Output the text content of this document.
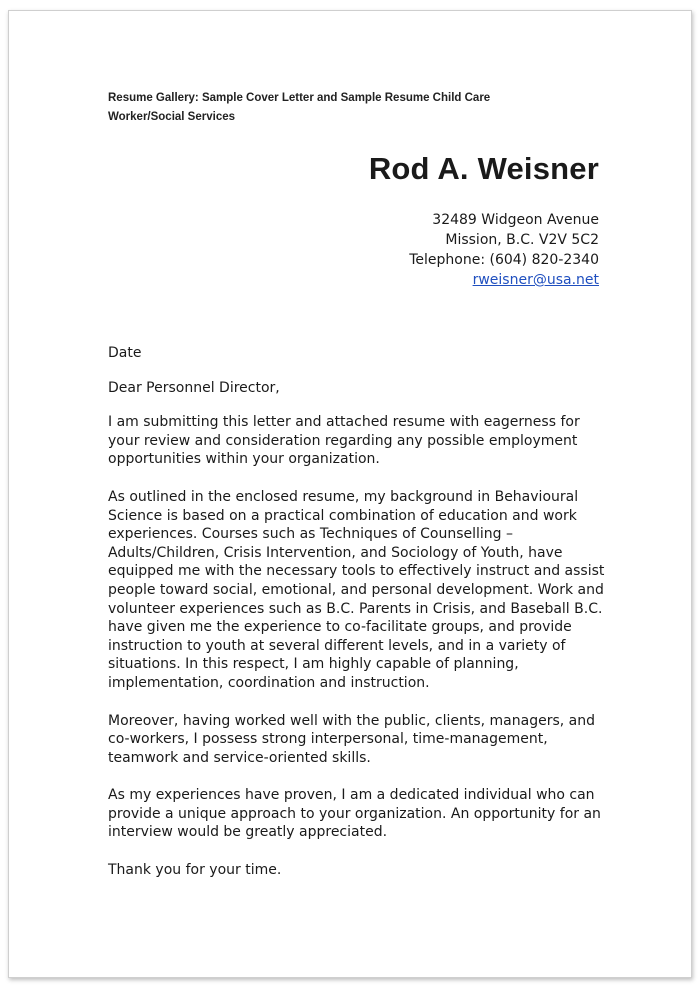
Resume Gallery: Sample Cover Letter and Sample Resume Child Care
Worker/Social Services
Rod A. Weisner
32489 Widgeon Avenue
Mission, B.C. V2V 5C2
Telephone: (604) 820-2340
rweisner@usa.net

Date

Dear Personnel Director,

I am submitting this letter and attached resume with eagerness for your review and consideration regarding any possible employment opportunities within your organization.

As outlined in the enclosed resume, my background in Behavioural Science is based on a practical combination of education and work experiences. Courses such as Techniques of Counselling –Adults/Children, Crisis Intervention, and Sociology of Youth, have equipped me with the necessary tools to effectively instruct and assist people toward social, emotional, and personal development. Work and volunteer experiences such as B.C. Parents in Crisis, and Baseball B.C. have given me the experience to co-facilitate groups, and provide instruction to youth at several different levels, and in a variety of situations. In this respect, I am highly capable of planning, implementation, coordination and instruction.

Moreover, having worked well with the public, clients, managers, and co-workers, I possess strong interpersonal, time-management, teamwork and service-oriented skills.

As my experiences have proven, I am a dedicated individual who can provide a unique approach to your organization. An opportunity for an interview would be greatly appreciated.

Thank you for your time.
